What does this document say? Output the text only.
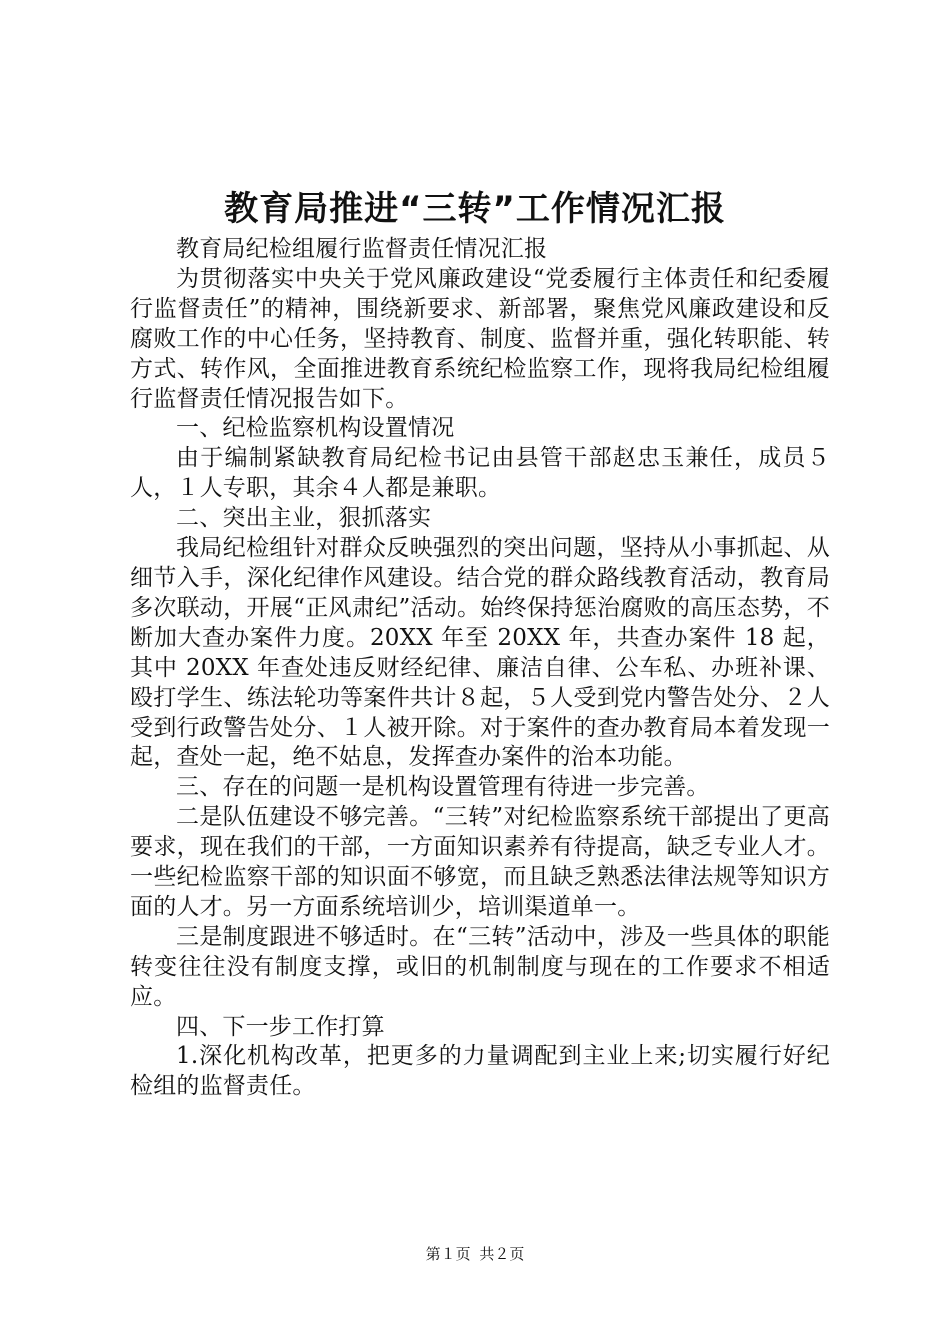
教育局推进“三转”工作情况汇报

教育局纪检组履行监督责任情况汇报

为贯彻落实中央关于党风廉政建设“党委履行主体责任和纪委履行监督责任”的精神，围绕新要求、新部署，聚焦党风廉政建设和反腐败工作的中心任务，坚持教育、制度、监督并重，强化转职能、转方式、转作风，全面推进教育系统纪检监察工作，现将我局纪检组履行监督责任情况报告如下。

一、纪检监察机构设置情况

由于编制紧缺教育局纪检书记由县管干部赵忠玉兼任，成员５人，１人专职，其余４人都是兼职。

二、突出主业，狠抓落实

我局纪检组针对群众反映强烈的突出问题，坚持从小事抓起、从细节入手，深化纪律作风建设。结合党的群众路线教育活动，教育局多次联动，开展“正风肃纪”活动。始终保持惩治腐败的高压态势，不断加大查办案件力度。20XX 年至 20XX 年，共查办案件 18 起，其中 20XX 年查处违反财经纪律、廉洁自律、公车私、办班补课、殴打学生、练法轮功等案件共计８起，５人受到党内警告处分、２人受到行政警告处分、１人被开除。对于案件的查办教育局本着发现一起，查处一起，绝不姑息，发挥查办案件的治本功能。

三、存在的问题一是机构设置管理有待进一步完善。

二是队伍建设不够完善。“三转”对纪检监察系统干部提出了更高要求，现在我们的干部，一方面知识素养有待提高，缺乏专业人才。一些纪检监察干部的知识面不够宽，而且缺乏熟悉法律法规等知识方面的人才。另一方面系统培训少，培训渠道单一。

三是制度跟进不够适时。在“三转”活动中，涉及一些具体的职能转变往往没有制度支撑，或旧的机制制度与现在的工作要求不相适应。

四、下一步工作打算

1.深化机构改革，把更多的力量调配到主业上来;切实履行好纪检组的监督责任。

第１页 共２页
